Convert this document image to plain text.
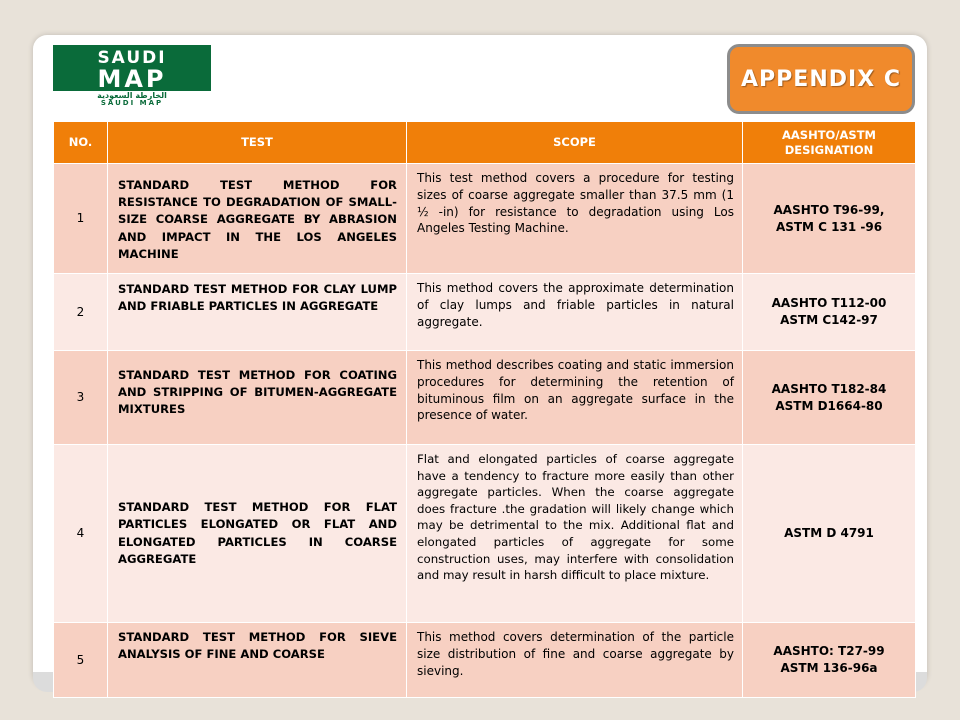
SAUDI
MAP
الخارطة السعودية
SAUDI MAP
APPENDIX C
NO.	TEST	SCOPE	AASHTO/ASTM DESIGNATION
1	STANDARD TEST METHOD FOR RESISTANCE TO DEGRADATION OF SMALL- SIZE COARSE AGGREGATE BY ABRASION AND IMPACT IN THE LOS ANGELES MACHINE	This test method covers a procedure for testing sizes of coarse aggregate smaller than 37.5 mm (1 ½ -in) for resistance to degradation using Los Angeles Testing Machine.	AASHTO T96-99,
ASTM C 131 -96

2	STANDARD TEST METHOD FOR CLAY LUMP AND FRIABLE PARTICLES IN AGGREGATE	This method covers the approximate determination of clay lumps and friable particles in natural aggregate.	AASHTO T112-00
ASTM C142-97

3	STANDARD TEST METHOD FOR COATING AND STRIPPING OF BITUMEN-AGGREGATE MIXTURES	This method describes coating and static immersion procedures for determining the retention of bituminous film on an aggregate surface in the presence of water.	AASHTO T182-84
ASTM D1664-80

4	STANDARD TEST METHOD FOR FLAT PARTICLES ELONGATED OR FLAT AND ELONGATED PARTICLES IN COARSE AGGREGATE	Flat and elongated particles of coarse aggregate have a tendency to fracture more easily than other aggregate particles. When the coarse aggregate does fracture .the gradation will likely change which may be detrimental to the mix. Additional flat and elongated particles of aggregate for some construction uses, may interfere with consolidation and may result in harsh difficult to place mixture.	ASTM D 4791

5	STANDARD TEST METHOD FOR SIEVE ANALYSIS OF FINE AND COARSE	This method covers determination of the particle size distribution of fine and coarse aggregate by sieving.	AASHTO: T27-99
ASTM 136-96a
